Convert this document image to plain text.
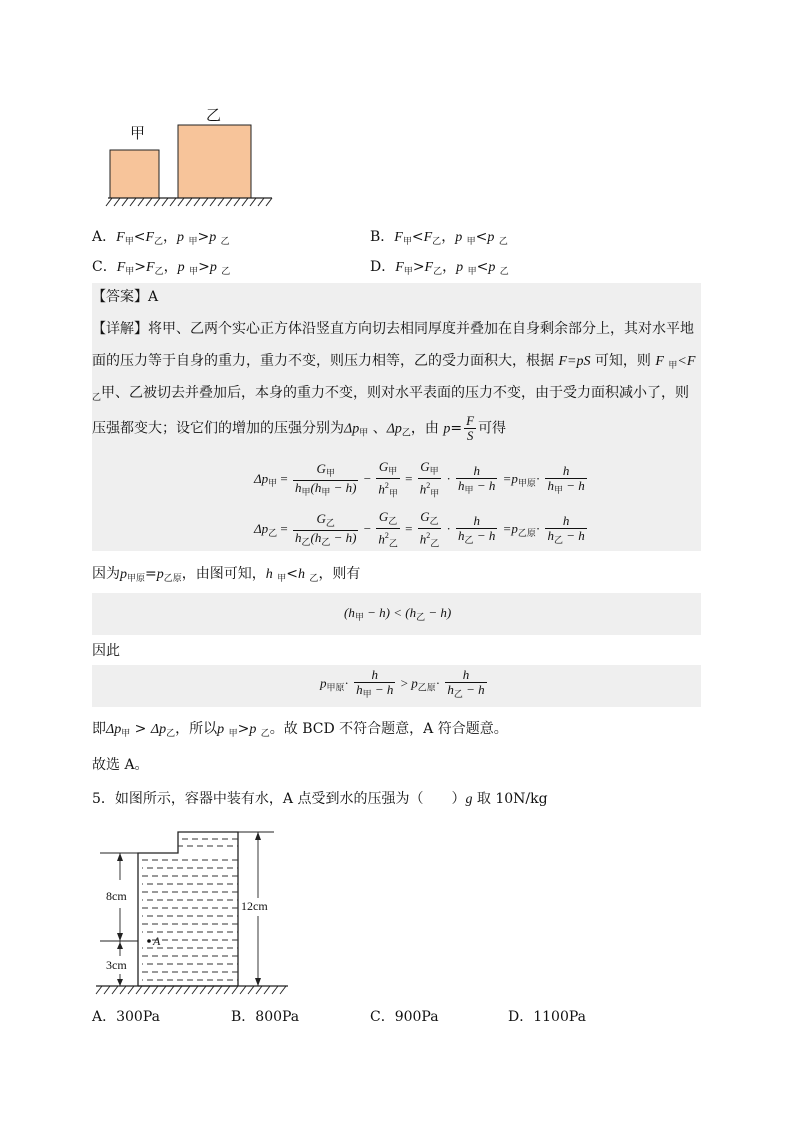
甲
乙
A．$F_甲<F_乙$，p $_甲$>p $_乙$	B．$F_甲<F_乙$，p $_甲$<p $_乙$
C．$F_甲>F_乙$，p $_甲$>p $_乙$	D．$F_甲>F_乙$，p $_甲$<p $_乙$
【答案】A
【详解】将甲、乙两个实心正方体沿竖直方向切去相同厚度并叠加在自身剩余部分上，其对水平地
面的压力等于自身的重力，重力不变，则压力相等，乙的受力面积大，根据 F=pS 可知，则 F $_甲$<F
$_乙$甲、乙被切去并叠加后，本身的重力不变，则对水平表面的压力不变，由于受力面积减小了，则
压强都变大；设它们的增加的压强分别为$\Delta p_甲$ 、$\Delta p_乙$，由 $p= \frac{F}{S}$ 可得
$\Delta p_甲 = \frac{G_甲}{h_甲(h_甲 - h)} - \frac{G_甲}{h^2_甲} = \frac{G_甲}{h^2_甲} \cdot \frac{h}{h_甲 - h} =p_{甲原}\cdot \frac{h}{h_甲 - h}$
$\Delta p_乙 = \frac{G_乙}{h_乙(h_乙 - h)} - \frac{G_乙}{h^2_乙} = \frac{G_乙}{h^2_乙} \cdot \frac{h}{h_乙 - h} =p_{乙原}\cdot \frac{h}{h_乙 - h}$
因为$p_{甲原}=p_{乙原}$，由图可知，h $_甲$<h $_乙$，则有
$(h_甲 - h) < (h_乙 - h)$
因此
$p_{甲原}\cdot \frac{h}{h_甲 - h} > p_{乙原}\cdot \frac{h}{h_乙 - h}$
即$\Delta p_甲 > \Delta p_乙$，所以p $_甲$>p $_乙$。故 BCD 不符合题意，A 符合题意。
故选 A。
5．如图所示，容器中装有水，A 点受到水的压强为（　　）g 取 10N/kg
8cm
3cm
A
12cm
A．300Pa	B．800Pa	C．900Pa	D．1100Pa
